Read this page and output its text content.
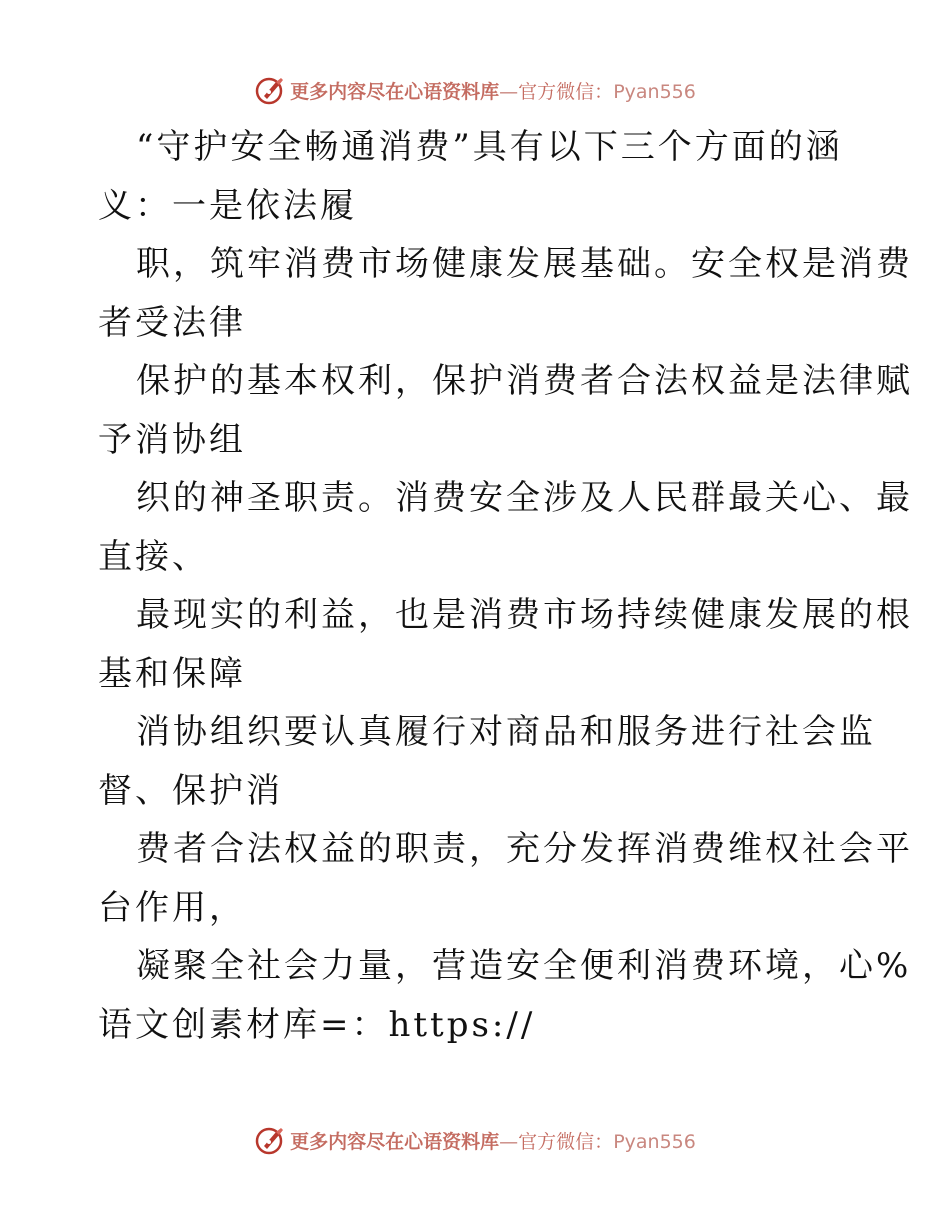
更多内容尽在心语资料库 — 官方微信： Pyan556
“守护安全畅通消费”具有以下三个方面的涵
义：一是依法履
职，筑牢消费市场健康发展基础。安全权是消费
者受法律
保护的基本权利，保护消费者合法权益是法律赋
予消协组
织的神圣职责。消费安全涉及人民群最关心、最
直接、
最现实的利益，也是消费市场持续健康发展的根
基和保障
消协组织要认真履行对商品和服务进行社会监
督、保护消
费者合法权益的职责，充分发挥消费维权社会平
台作用，
凝聚全社会力量，营造安全便利消费环境，心%
语文创素材库=：https://
更多内容尽在心语资料库 — 官方微信： Pyan556
